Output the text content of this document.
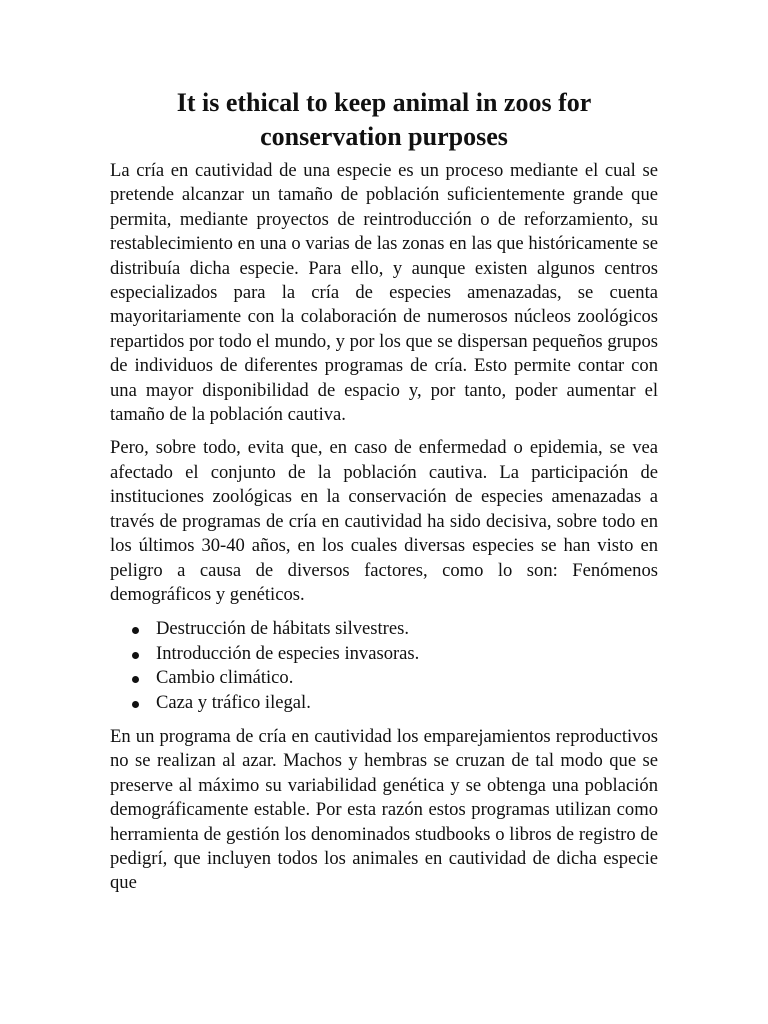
It is ethical to keep animal in zoos for conservation purposes

La cría en cautividad de una especie es un proceso mediante el cual se pretende alcanzar un tamaño de población suficientemente grande que permita, mediante proyectos de reintroducción o de reforzamiento, su restablecimiento en una o varias de las zonas en las que históricamente se distribuía dicha especie. Para ello, y aunque existen algunos centros especializados para la cría de especies amenazadas, se cuenta mayoritariamente con la colaboración de numerosos núcleos zoológicos repartidos por todo el mundo, y por los que se dispersan pequeños grupos de individuos de diferentes programas de cría. Esto permite contar con una mayor disponibilidad de espacio y, por tanto, poder aumentar el tamaño de la población cautiva.

Pero, sobre todo, evita que, en caso de enfermedad o epidemia, se vea afectado el conjunto de la población cautiva. La participación de instituciones zoológicas en la conservación de especies amenazadas a través de programas de cría en cautividad ha sido decisiva, sobre todo en los últimos 30-40 años, en los cuales diversas especies se han visto en peligro a causa de diversos factores, como lo son: Fenómenos demográficos y genéticos.

Destrucción de hábitats silvestres.
Introducción de especies invasoras.
Cambio climático.
Caza y tráfico ilegal.

En un programa de cría en cautividad los emparejamientos reproductivos no se realizan al azar. Machos y hembras se cruzan de tal modo que se preserve al máximo su variabilidad genética y se obtenga una población demográficamente estable. Por esta razón estos programas utilizan como herramienta de gestión los denominados studbooks o libros de registro de pedigrí, que incluyen todos los animales en cautividad de dicha especie que
